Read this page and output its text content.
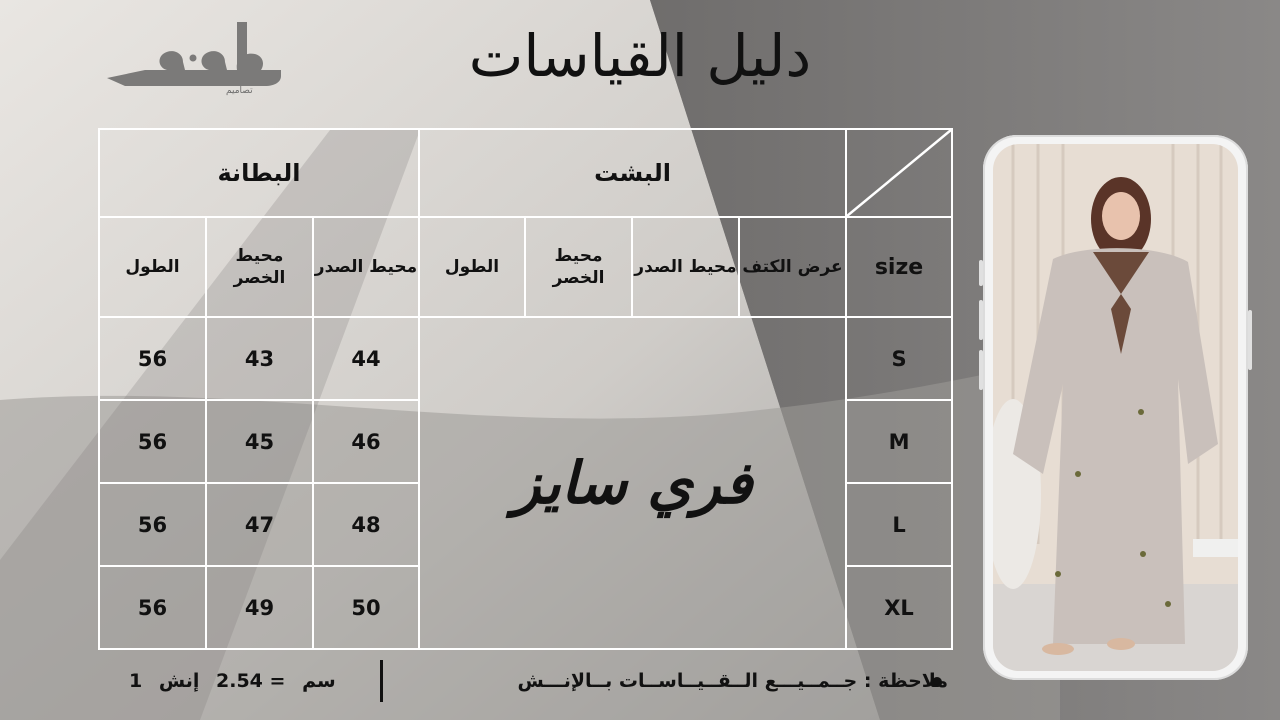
تصاميم
دليل القياسات
البطانة			البشت	

الطول	محيط الخصر	محيط الصدر	الطول	محيط الخصر	محيط الصدر	عرض الكتف	size
56	43	44	فري سايز				S
56	45	46					M
56	47	48					L
56	49	50					XL
ملاحظة : جــمــيـــع الــقــيــاســات بــالإنـــش
سم = 2.54 إنش 1
